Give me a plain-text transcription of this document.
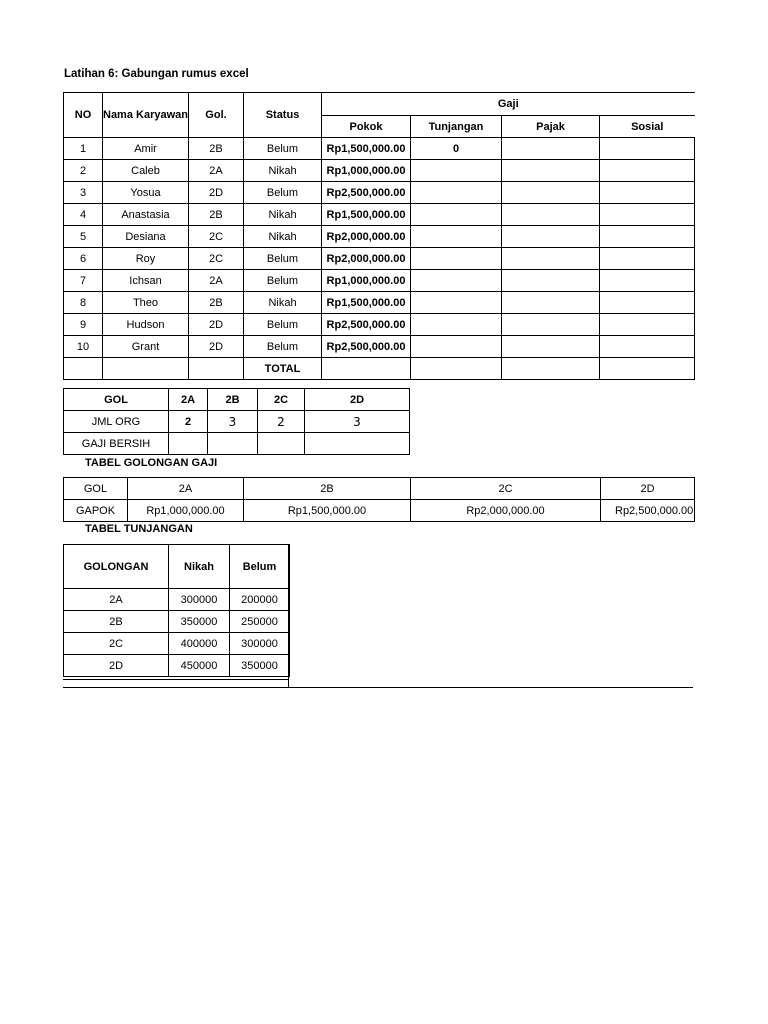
Latihan 6: Gabungan rumus excel
NO	Nama Karyawan	Gol.	Status	Gaji			
				Pokok	Tunjangan	Pajak	Sosial
1	Amir	2B	Belum	Rp1,500,000.00	0		
2	Caleb	2A	Nikah	Rp1,000,000.00			
3	Yosua	2D	Belum	Rp2,500,000.00			
4	Anastasia	2B	Nikah	Rp1,500,000.00			
5	Desiana	2C	Nikah	Rp2,000,000.00			
6	Roy	2C	Belum	Rp2,000,000.00			
7	Ichsan	2A	Belum	Rp1,000,000.00			
8	Theo	2B	Nikah	Rp1,500,000.00			
9	Hudson	2D	Belum	Rp2,500,000.00			
10	Grant	2D	Belum	Rp2,500,000.00			
			TOTAL				
GOL	2A	2B	2C	2D
JML ORG	2	3	2	3
GAJI BERSIH				
TABEL GOLONGAN GAJI
GOL	2A	2B	2C	2D
GAPOK	Rp1,000,000.00	Rp1,500,000.00	Rp2,000,000.00	Rp2,500,000.00
TABEL TUNJANGAN
GOLONGAN	Nikah	Belum
2A	300000	200000
2B	350000	250000
2C	400000	300000
2D	450000	350000
